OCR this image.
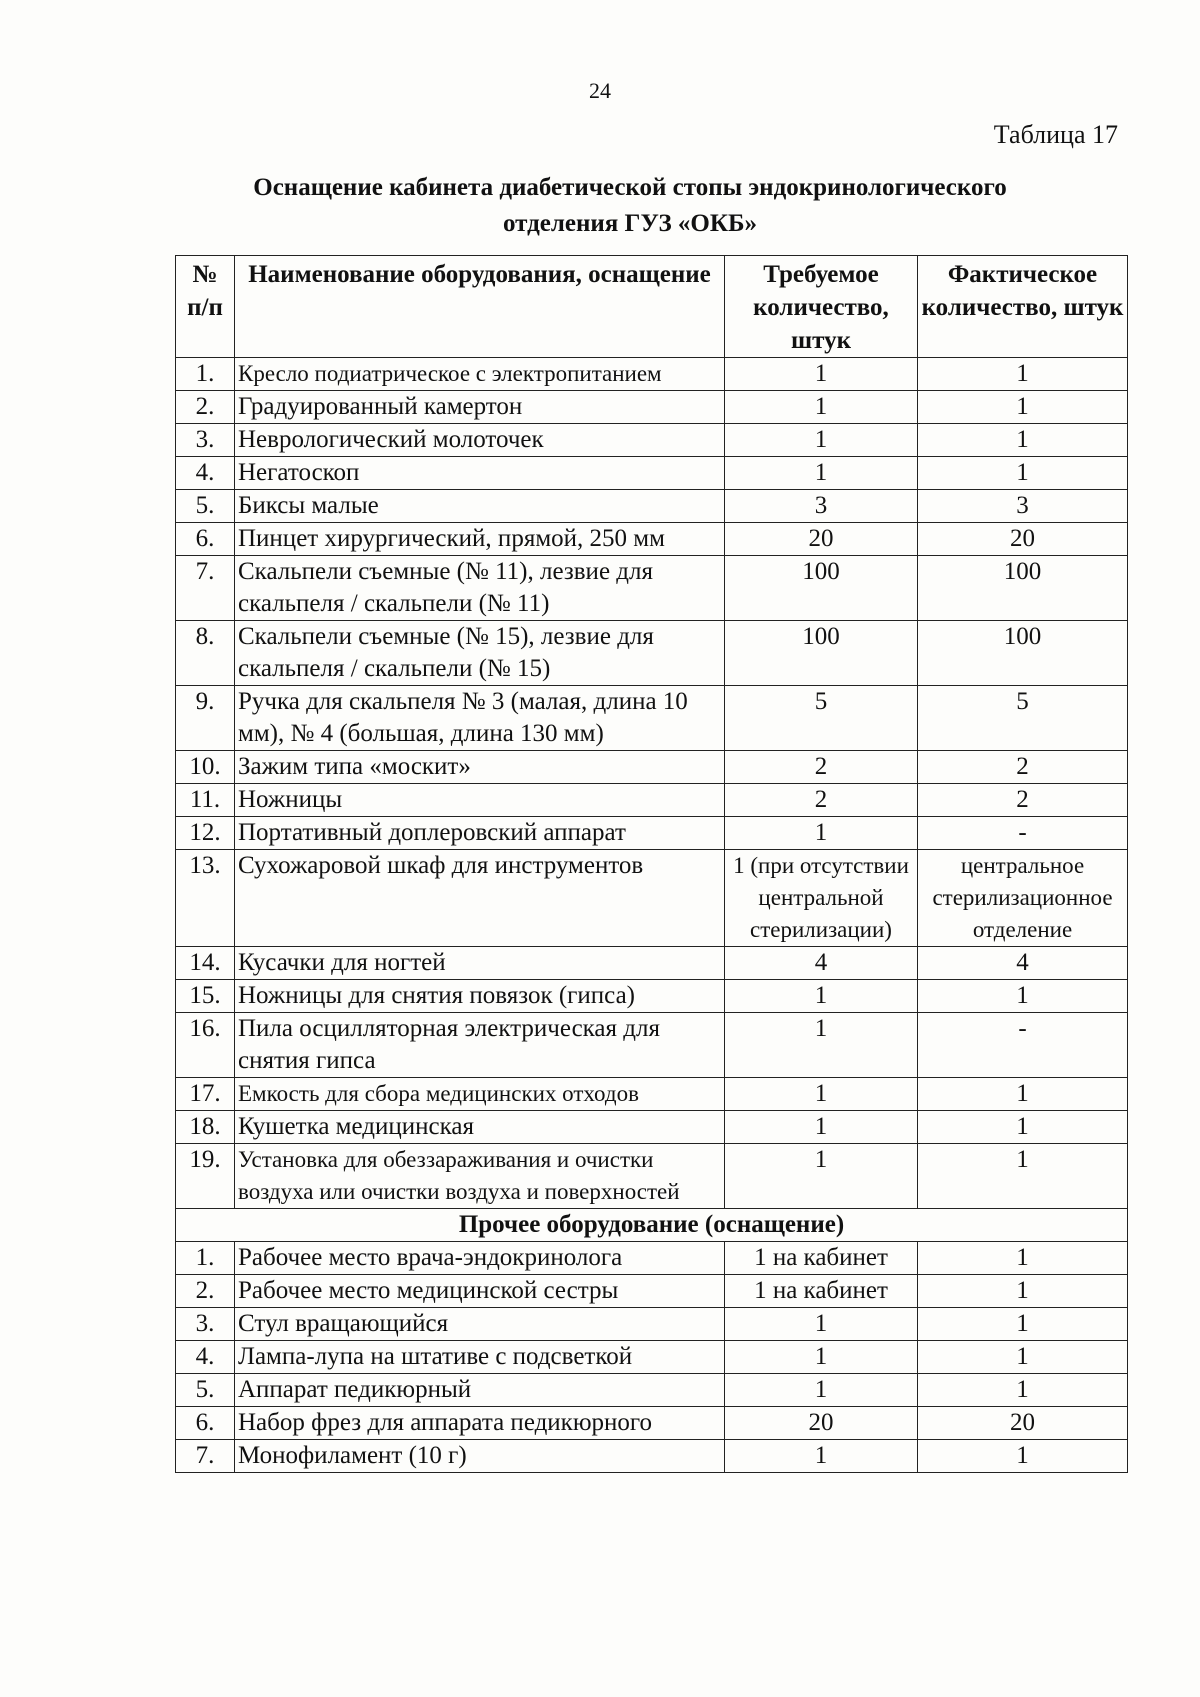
24
Таблица 17
Оснащение кабинета диабетической стопы эндокринологического
отделения ГУЗ «ОКБ»
№ п/п	Наименование оборудования, оснащение	Требуемое количество, штук	Фактическое количество, штук
1.	Кресло подиатрическое с электропитанием	1	1
2.	Градуированный камертон	1	1
3.	Неврологический молоточек	1	1
4.	Негатоскоп	1	1
5.	Биксы малые	3	3
6.	Пинцет хирургический, прямой, 250 мм	20	20
7.	Скальпели съемные (№ 11), лезвие для скальпеля / скальпели (№ 11)	100	100
8.	Скальпели съемные (№ 15), лезвие для скальпеля / скальпели (№ 15)	100	100
9.	Ручка для скальпеля № 3 (малая, длина 10 мм), № 4 (большая, длина 130 мм)	5	5
10.	Зажим типа «москит»	2	2
11.	Ножницы	2	2
12.	Портативный доплеровский аппарат	1	-
13.	Сухожаровой шкаф для инструментов	1 (при отсутствии центральной стерилизации)	центральное стерилизационное отделение
14.	Кусачки для ногтей	4	4
15.	Ножницы для снятия повязок (гипса)	1	1
16.	Пила осцилляторная электрическая для снятия гипса	1	-
17.	Емкость для сбора медицинских отходов	1	1
18.	Кушетка медицинская	1	1
19.	Установка для обеззараживания и очистки воздуха или очистки воздуха и поверхностей	1	1
Прочее оборудование (оснащение)			
1.	Рабочее место врача-эндокринолога	1 на кабинет	1
2.	Рабочее место медицинской сестры	1 на кабинет	1
3.	Стул вращающийся	1	1
4.	Лампа-лупа на штативе с подсветкой	1	1
5.	Аппарат педикюрный	1	1
6.	Набор фрез для аппарата педикюрного	20	20
7.	Монофиламент (10 г)	1	1
